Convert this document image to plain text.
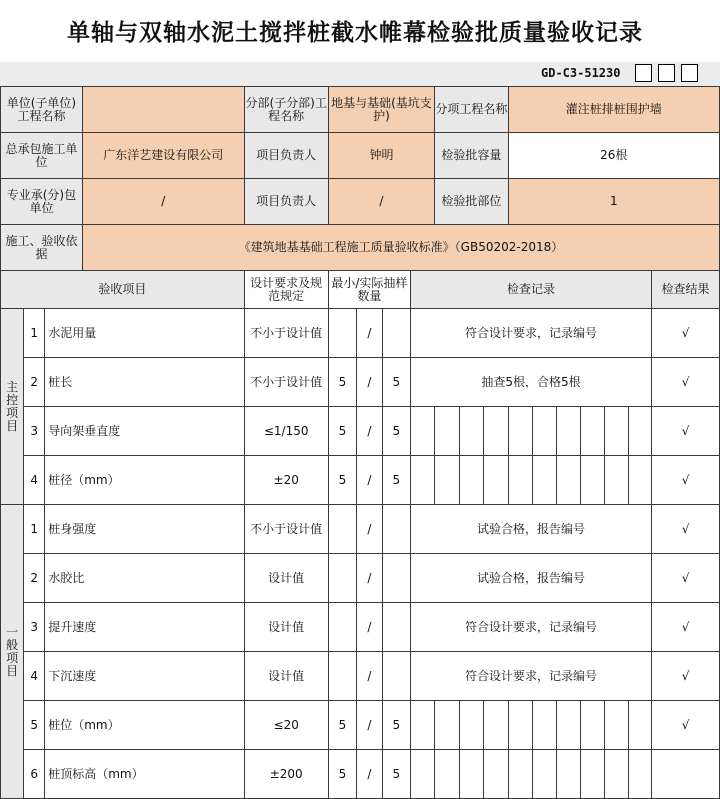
单轴与双轴水泥土搅拌桩截水帷幕检验批质量验收记录
GD-C3-51230
单位(子单位)工程名称				分部(子分部)工程名称	地基与基础(基坑支护)				分项工程名称			灌注桩排桩围护墙						
总承包施工单位			广东洋艺建设有限公司	项目负责人	钟明				检验批容量			26根						
专业承(分)包单位			/	项目负责人	/				检验批部位			1						
施工、验收依据			《建筑地基基础工程施工质量验收标准》（GB50202-2018）															
验收项目				设计要求及规范规定	最小/实际抽样数量			检查记录										检查结果
主控项目	1	水泥用量		不小于设计值		/		符合设计要求，记录编号										√
	2	桩长		不小于设计值	5	/	5	抽查5根，合格5根										√
	3	导向架垂直度		≤1/150	5	/	5											√
	4	桩径（mm）		±20	5	/	5											√
一般项目	1	桩身强度		不小于设计值		/		试验合格，报告编号										√
	2	水胶比		设计值		/		试验合格，报告编号										√
	3	提升速度		设计值		/		符合设计要求，记录编号										√
	4	下沉速度		设计值		/		符合设计要求，记录编号										√
	5	桩位（mm）		≤20	5	/	5											√
	6	桩顶标高（mm）		±200	5	/	5											
